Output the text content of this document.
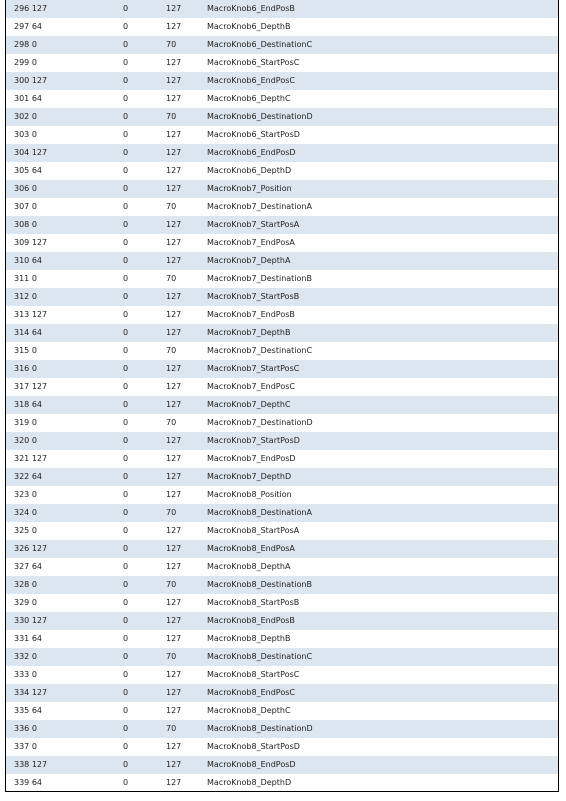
296 127	0	127	MacroKnob6_EndPosB
297 64	0	127	MacroKnob6_DepthB
298 0	0	70	MacroKnob6_DestinationC
299 0	0	127	MacroKnob6_StartPosC
300 127	0	127	MacroKnob6_EndPosC
301 64	0	127	MacroKnob6_DepthC
302 0	0	70	MacroKnob6_DestinationD
303 0	0	127	MacroKnob6_StartPosD
304 127	0	127	MacroKnob6_EndPosD
305 64	0	127	MacroKnob6_DepthD
306 0	0	127	MacroKnob7_Position
307 0	0	70	MacroKnob7_DestinationA
308 0	0	127	MacroKnob7_StartPosA
309 127	0	127	MacroKnob7_EndPosA
310 64	0	127	MacroKnob7_DepthA
311 0	0	70	MacroKnob7_DestinationB
312 0	0	127	MacroKnob7_StartPosB
313 127	0	127	MacroKnob7_EndPosB
314 64	0	127	MacroKnob7_DepthB
315 0	0	70	MacroKnob7_DestinationC
316 0	0	127	MacroKnob7_StartPosC
317 127	0	127	MacroKnob7_EndPosC
318 64	0	127	MacroKnob7_DepthC
319 0	0	70	MacroKnob7_DestinationD
320 0	0	127	MacroKnob7_StartPosD
321 127	0	127	MacroKnob7_EndPosD
322 64	0	127	MacroKnob7_DepthD
323 0	0	127	MacroKnob8_Position
324 0	0	70	MacroKnob8_DestinationA
325 0	0	127	MacroKnob8_StartPosA
326 127	0	127	MacroKnob8_EndPosA
327 64	0	127	MacroKnob8_DepthA
328 0	0	70	MacroKnob8_DestinationB
329 0	0	127	MacroKnob8_StartPosB
330 127	0	127	MacroKnob8_EndPosB
331 64	0	127	MacroKnob8_DepthB
332 0	0	70	MacroKnob8_DestinationC
333 0	0	127	MacroKnob8_StartPosC
334 127	0	127	MacroKnob8_EndPosC
335 64	0	127	MacroKnob8_DepthC
336 0	0	70	MacroKnob8_DestinationD
337 0	0	127	MacroKnob8_StartPosD
338 127	0	127	MacroKnob8_EndPosD
339 64	0	127	MacroKnob8_DepthD
